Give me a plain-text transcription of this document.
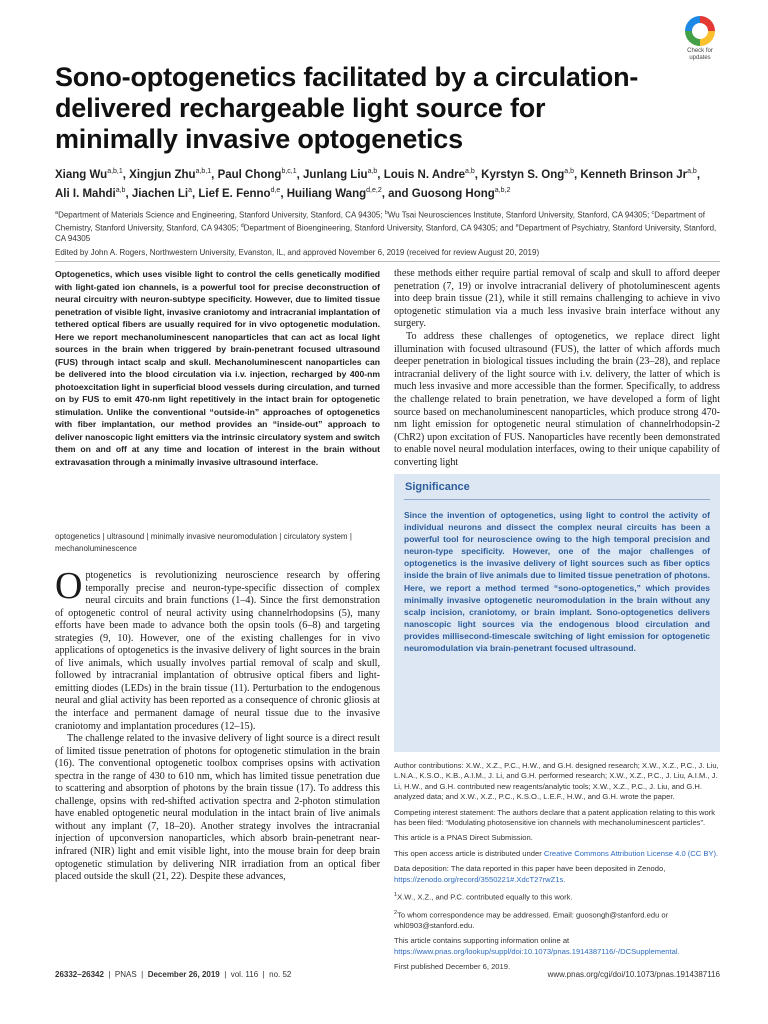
Check for updates
Sono-optogenetics facilitated by a circulation-delivered rechargeable light source for minimally invasive optogenetics
Xiang Wu$^{a,b,1}$, Xingjun Zhu$^{a,b,1}$, Paul Chong$^{b,c,1}$, Junlang Liu$^{a,b}$, Louis N. Andre$^{a,b}$, Kyrstyn S. Ong$^{a,b}$, Kenneth Brinson Jr$^{a,b}$, Ali I. Mahdi$^{a,b}$, Jiachen Li$^a$, Lief E. Fenno$^{d,e}$, Huiliang Wang$^{d,e,2}$, and Guosong Hong$^{a,b,2}$
$^a$Department of Materials Science and Engineering, Stanford University, Stanford, CA 94305; $^b$Wu Tsai Neurosciences Institute, Stanford University, Stanford, CA 94305; $^c$Department of Chemistry, Stanford University, Stanford, CA 94305; $^d$Department of Bioengineering, Stanford University, Stanford, CA 94305; and $^e$Department of Psychiatry, Stanford University, Stanford, CA 94305
Edited by John A. Rogers, Northwestern University, Evanston, IL, and approved November 6, 2019 (received for review August 20, 2019)
Optogenetics, which uses visible light to control the cells genetically modified with light-gated ion channels, is a powerful tool for precise deconstruction of neural circuitry with neuron-subtype specificity. However, due to limited tissue penetration of visible light, invasive craniotomy and intracranial implantation of tethered optical fibers are usually required for in vivo optogenetic modulation. Here we report mechanoluminescent nanoparticles that can act as local light sources in the brain when triggered by brain-penetrant focused ultrasound (FUS) through intact scalp and skull. Mechanoluminescent nanoparticles can be delivered into the blood circulation via i.v. injection, recharged by 400-nm photoexcitation light in superficial blood vessels during circulation, and turned on by FUS to emit 470-nm light repetitively in the intact brain for optogenetic stimulation. Unlike the conventional “outside-in” approaches of optogenetics with fiber implantation, our method provides an “inside-out” approach to deliver nanoscopic light emitters via the intrinsic circulatory system and switch them on and off at any time and location of interest in the brain without extravasation through a minimally invasive ultrasound interface.
optogenetics | ultrasound | minimally invasive neuromodulation | circulatory system | mechanoluminescence

Optogenetics is revolutionizing neuroscience research by offering temporally precise and neuron-type-specific dissection of complex neural circuits and brain functions (1–4). Since the first demonstration of optogenetic control of neural activity using channelrhodopsins (5), many efforts have been made to advance both the opsin tools (6–8) and targeting strategies (9, 10). However, one of the existing challenges for in vivo applications of optogenetics is the invasive delivery of light sources in the brain of live animals, which usually involves partial removal of scalp and skull, followed by intracranial implantation of obtrusive optical fibers and light-emitting diodes (LEDs) in the brain tissue (11). Perturbation to the endogenous neural and glial activity has been reported as a consequence of chronic gliosis at the interface and permanent damage of neural tissue due to the invasive craniotomy and implantation procedures (12–15).

The challenge related to the invasive delivery of light source is a direct result of limited tissue penetration of photons for optogenetic stimulation in the brain (16). The conventional optogenetic toolbox comprises opsins with activation spectra in the range of 430 to 610 nm, which has limited tissue penetration due to scattering and absorption of photons by the brain tissue (17). To address this challenge, opsins with red-shifted activation spectra and 2-photon stimulation have enabled optogenetic neural modulation in the intact brain of live animals without any implant (7, 18–20). Another strategy involves the intracranial injection of upconversion nanoparticles, which absorb brain-penetrant near-infrared (NIR) light and emit visible light, into the mouse brain for deep brain optogenetic stimulation by delivering NIR irradiation from an optical fiber placed outside the skull (21, 22). Despite these advances,

these methods either require partial removal of scalp and skull to afford deeper penetration (7, 19) or involve intracranial delivery of photoluminescent agents into deep brain tissue (21), while it still remains challenging to achieve in vivo optogenetic stimulation via a much less invasive brain interface without any surgery.

To address these challenges of optogenetics, we replace direct light illumination with focused ultrasound (FUS), the latter of which affords much deeper penetration in biological tissues including the brain (23–28), and replace intracranial delivery of the light source with i.v. delivery, the latter of which is much less invasive and more accessible than the former. Specifically, to address the challenge related to brain penetration, we have developed a form of light source based on mechanoluminescent nanoparticles, which produce strong 470-nm light emission for optogenetic neural stimulation of channelrhodopsin-2 (ChR2) upon excitation of FUS. Nanoparticles have recently been demonstrated to enable novel neural modulation interfaces, owing to their unique capability of converting light

Significance
Since the invention of optogenetics, using light to control the activity of individual neurons and dissect the complex neural circuits has been a powerful tool for neuroscience owing to the high temporal precision and neuron-type specificity. However, one of the major challenges of optogenetics is the invasive delivery of light sources such as fiber optics inside the brain of live animals due to limited tissue penetration of photons. Here, we report a method termed “sono-optogenetics,” which provides minimally invasive optogenetic neuromodulation in the brain without any scalp incision, craniotomy, or brain implant. Sono-optogenetics delivers nanoscopic light sources via the endogenous blood circulation and provides millisecond-timescale switching of light emission for optogenetic neuromodulation via brain-penetrant focused ultrasound.

Author contributions: X.W., X.Z., P.C., H.W., and G.H. designed research; X.W., X.Z., P.C., J. Liu, L.N.A., K.S.O., K.B., A.I.M., J. Li, and G.H. performed research; X.W., X.Z., P.C., J. Liu, A.I.M., J. Li, H.W., and G.H. contributed new reagents/analytic tools; X.W., X.Z., P.C., J. Liu, and G.H. analyzed data; and X.W., X.Z., P.C., K.S.O., L.E.F., H.W., and G.H. wrote the paper.

Competing interest statement: The authors declare that a patent application relating to this work has been filed: “Modulating photosensitive ion channels with mechanoluminescent particles”.

This article is a PNAS Direct Submission.

This open access article is distributed under Creative Commons Attribution License 4.0 (CC BY).

Data deposition: The data reported in this paper have been deposited in Zenodo, https://zenodo.org/record/3550221#.XdcT27rwZ1s.

$^1$X.W., X.Z., and P.C. contributed equally to this work.

$^2$To whom correspondence may be addressed. Email: guosongh@stanford.edu or whl0903@stanford.edu.

This article contains supporting information online at https://www.pnas.org/lookup/suppl/doi:10.1073/pnas.1914387116/-/DCSupplemental.

First published December 6, 2019.

26332–26342  |  PNAS  |  December 26, 2019  |  vol. 116  |  no. 52	www.pnas.org/cgi/doi/10.1073/pnas.1914387116
